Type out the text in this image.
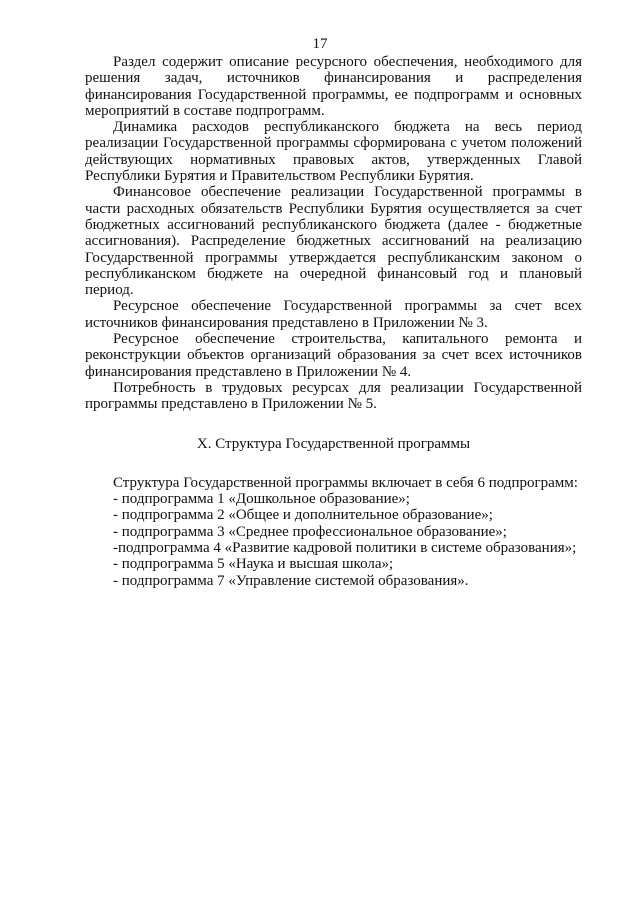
17

Раздел содержит описание ресурсного обеспечения, необходимого для решения задач, источников финансирования и распределения финансирования Государственной программы, ее подпрограмм и основных мероприятий в составе подпрограмм.

Динамика расходов республиканского бюджета на весь период реализации Государственной программы сформирована с учетом положений действующих нормативных правовых актов, утвержденных Главой Республики Бурятия и Правительством Республики Бурятия.

Финансовое обеспечение реализации Государственной программы в части расходных обязательств Республики Бурятия осуществляется за счет бюджетных ассигнований республиканского бюджета (далее - бюджетные ассигнования). Распределение бюджетных ассигнований на реализацию Государственной программы утверждается республиканским законом о республиканском бюджете на очередной финансовый год и плановый период.

Ресурсное обеспечение Государственной программы за счет всех источников финансирования представлено в Приложении № 3.

Ресурсное обеспечение строительства, капитального ремонта и реконструкции объектов организаций образования за счет всех источников финансирования представлено в Приложении № 4.

Потребность в трудовых ресурсах для реализации Государственной программы представлено в Приложении № 5.

X. Структура Государственной программы

Структура Государственной программы включает в себя 6 подпрограмм:

- подпрограмма 1 «Дошкольное образование»;
- подпрограмма 2 «Общее и дополнительное образование»;
- подпрограмма 3 «Среднее профессиональное образование»;
-подпрограмма 4 «Развитие кадровой политики в системе образования»;
- подпрограмма 5 «Наука и высшая школа»;
- подпрограмма 7 «Управление системой образования».
